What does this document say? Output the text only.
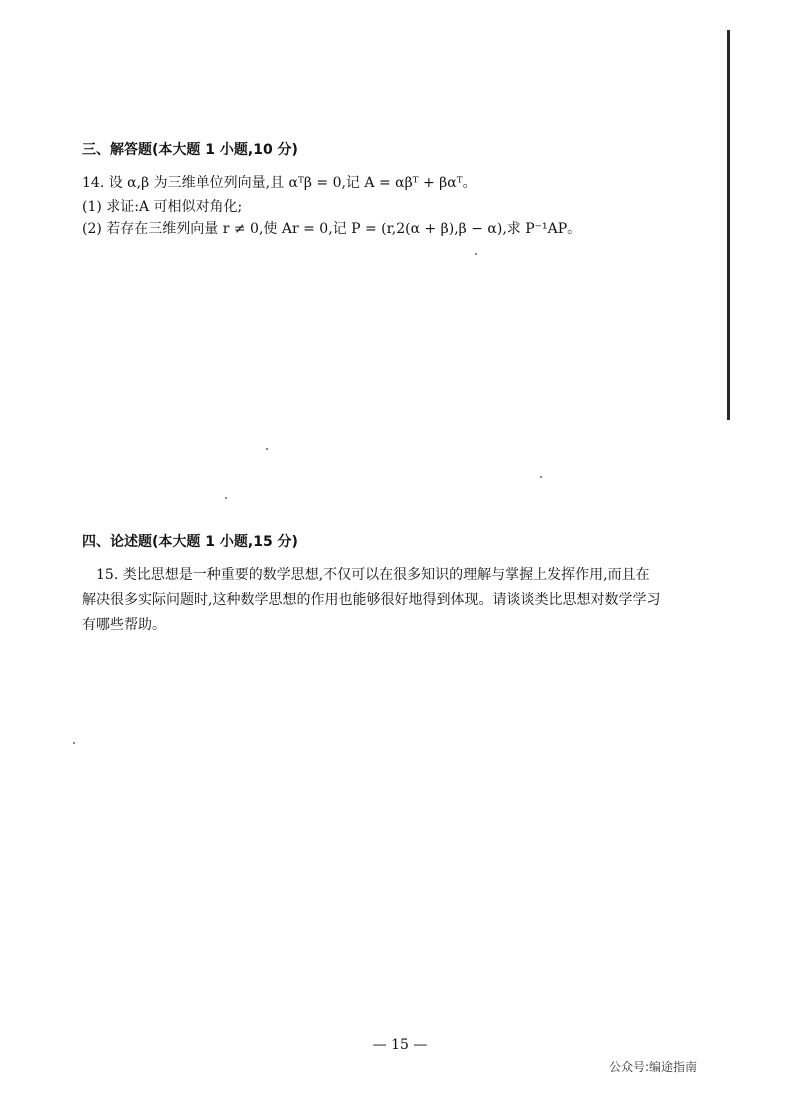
三、解答题(本大题 1 小题,10 分)
14. 设 α,β 为三维单位列向量,且 αᵀβ = 0,记 A = αβᵀ + βαᵀ。
(1) 求证:A 可相似对角化;
(2) 若存在三维列向量 r ≠ 0,使 Ar = 0,记 P = (r,2(α + β),β − α),求 P⁻¹AP。
四、论述题(本大题 1 小题,15 分)
15. 类比思想是一种重要的数学思想,不仅可以在很多知识的理解与掌握上发挥作用,而且在解决很多实际问题时,这种数学思想的作用也能够很好地得到体现。请谈谈类比思想对数学学习有哪些帮助。
— 15 —
公众号:编途指南
